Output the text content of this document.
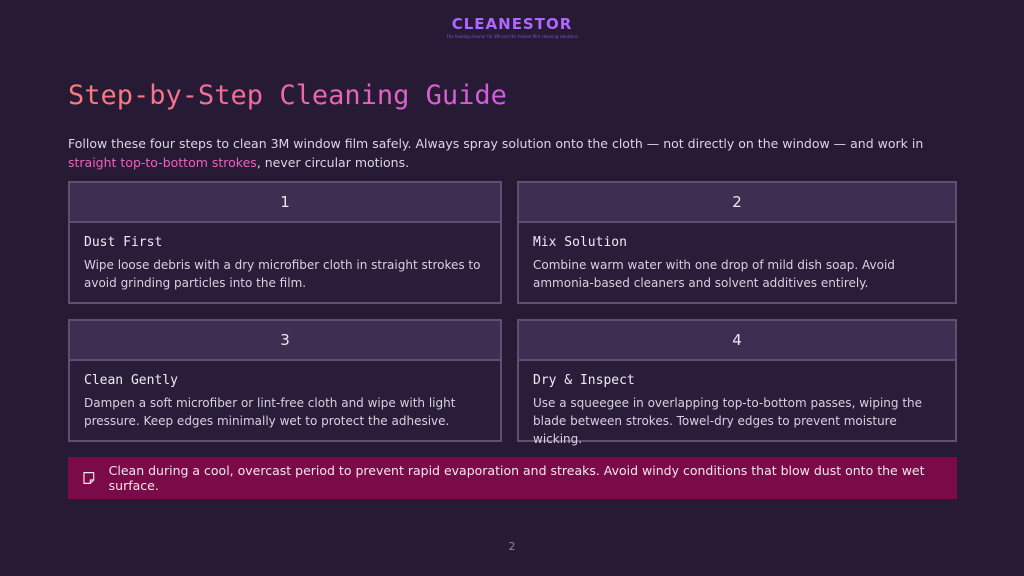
CLEANESTOR
The leading cleaner for 3M and the fastest film cleaning solutions
Step-by-Step Cleaning Guide

Follow these four steps to clean 3M window film safely. Always spray solution onto the cloth — not directly on the window — and work in straight top-to-bottom strokes, never circular motions.

1
Dust First
Wipe loose debris with a dry microfiber cloth in straight strokes to avoid grinding particles into the film.
2
Mix Solution
Combine warm water with one drop of mild dish soap. Avoid ammonia-based cleaners and solvent additives entirely.
3
Clean Gently
Dampen a soft microfiber or lint-free cloth and wipe with light pressure. Keep edges minimally wet to protect the adhesive.
4
Dry & Inspect
Use a squeegee in overlapping top-to-bottom passes, wiping the blade between strokes. Towel-dry edges to prevent moisture wicking.
Clean during a cool, overcast period to prevent rapid evaporation and streaks. Avoid windy conditions that blow dust onto the wet surface.
2
